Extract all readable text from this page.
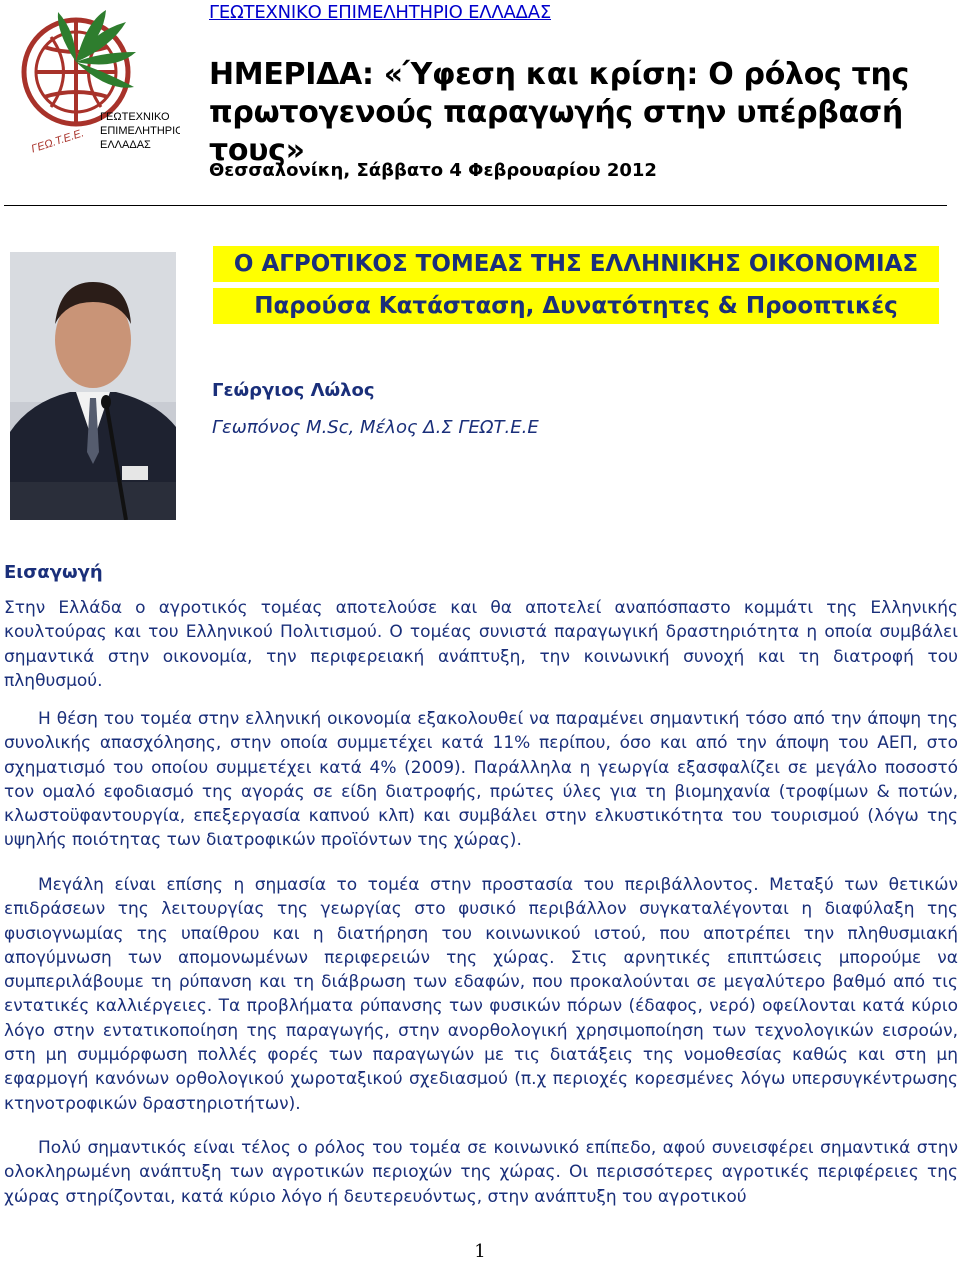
ΓΕΩ.Τ.Ε.Ε.
ΓΕΩΤΕΧΝΙΚΟ
ΕΠΙΜΕΛΗΤΗΡΙΟ
ΕΛΛΑΔΑΣ
ΓΕΩΤΕΧΝΙΚΟ ΕΠΙΜΕΛΗΤΗΡΙΟ ΕΛΛΑΔΑΣ
ΗΜΕΡΙΔΑ: «Ύφεση και κρίση: Ο ρόλος της πρωτογενούς παραγωγής στην υπέρβασή τους»
Θεσσαλονίκη, Σάββατο 4 Φεβρουαρίου 2012
Ο ΑΓΡΟΤΙΚΟΣ ΤΟΜΕΑΣ ΤΗΣ ΕΛΛΗΝΙΚΗΣ ΟΙΚΟΝΟΜΙΑΣ
Παρούσα Κατάσταση, Δυνατότητες & Προοπτικές
Γεώργιος Λώλος
Γεωπόνος M.Sc, Μέλος Δ.Σ ΓΕΩΤ.Ε.Ε
Εισαγωγή

Στην Ελλάδα ο αγροτικός τομέας αποτελούσε και θα αποτελεί αναπόσπαστο κομμάτι της Ελληνικής κουλτούρας και του Ελληνικού Πολιτισμού. Ο τομέας συνιστά παραγωγική δραστηριότητα η οποία συμβάλει σημαντικά στην οικονομία, την περιφερειακή ανάπτυξη, την κοινωνική συνοχή και τη διατροφή του πληθυσμού.

Η θέση του τομέα στην ελληνική οικονομία εξακολουθεί να παραμένει σημαντική τόσο από την άποψη της συνολικής απασχόλησης, στην οποία συμμετέχει κατά 11% περίπου, όσο και από την άποψη του ΑΕΠ, στο σχηματισμό του οποίου συμμετέχει κατά 4% (2009). Παράλληλα η γεωργία εξασφαλίζει σε μεγάλο ποσοστό τον ομαλό εφοδιασμό της αγοράς σε είδη διατροφής, πρώτες ύλες για τη βιομηχανία (τροφίμων & ποτών, κλωστοϋφαντουργία, επεξεργασία καπνού κλπ) και συμβάλει στην ελκυστικότητα του τουρισμού (λόγω της υψηλής ποιότητας των διατροφικών προϊόντων της χώρας).

Μεγάλη είναι επίσης η σημασία το τομέα στην προστασία του περιβάλλοντος. Μεταξύ των θετικών επιδράσεων της λειτουργίας της γεωργίας στο φυσικό περιβάλλον συγκαταλέγονται η διαφύλαξη της φυσιογνωμίας της υπαίθρου και η διατήρηση του κοινωνικού ιστού, που αποτρέπει την πληθυσμιακή απογύμνωση των απομονωμένων περιφερειών της χώρας. Στις αρνητικές επιπτώσεις μπορούμε να συμπεριλάβουμε τη ρύπανση και τη διάβρωση των εδαφών, που προκαλούνται σε μεγαλύτερο βαθμό από τις εντατικές καλλιέργειες. Τα προβλήματα ρύπανσης των φυσικών πόρων (έδαφος, νερό) οφείλονται κατά κύριο λόγο στην εντατικοποίηση της παραγωγής, στην ανορθολογική χρησιμοποίηση των τεχνολογικών εισροών, στη μη συμμόρφωση πολλές φορές των παραγωγών με τις διατάξεις της νομοθεσίας καθώς και στη μη εφαρμογή κανόνων ορθολογικού χωροταξικού σχεδιασμού (π.χ περιοχές κορεσμένες λόγω υπερσυγκέντρωσης κτηνοτροφικών δραστηριοτήτων).

Πολύ σημαντικός είναι τέλος ο ρόλος του τομέα σε κοινωνικό επίπεδο, αφού συνεισφέρει σημαντικά στην ολοκληρωμένη ανάπτυξη των αγροτικών περιοχών της χώρας. Οι περισσότερες αγροτικές περιφέρειες της χώρας στηρίζονται, κατά κύριο λόγο ή δευτερευόντως, στην ανάπτυξη του αγροτικού

1
